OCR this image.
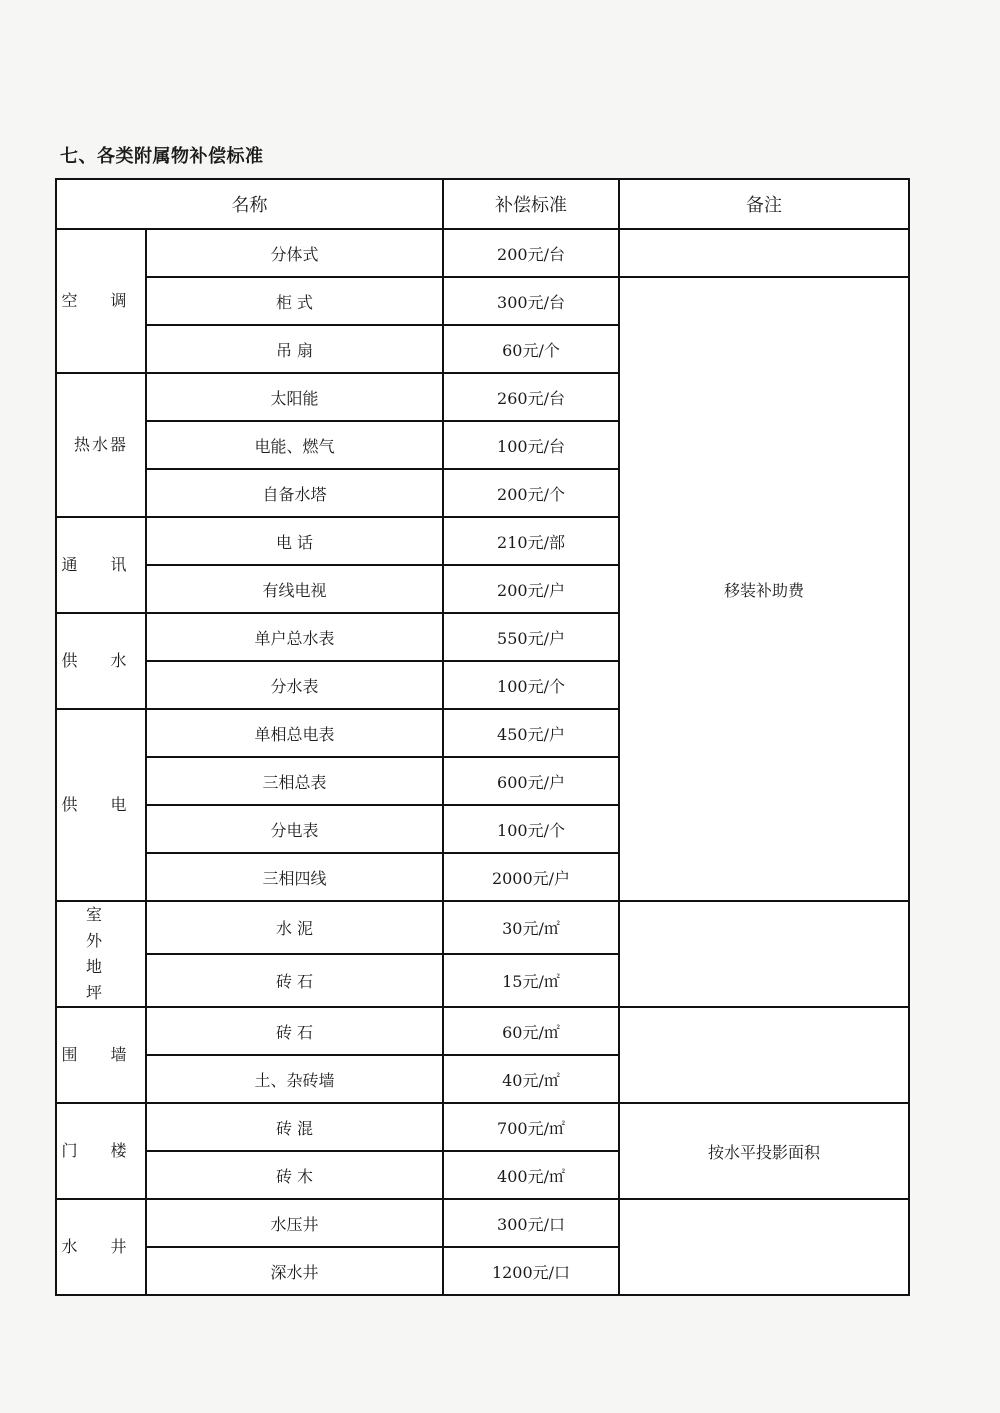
七、各类附属物补偿标准
名称		补偿标准	备注
空 调	分体式	200元/台	
	柜 式	300元/台	移装补助费
	吊 扇	60元/个	
热水器	太阳能	260元/台	
	电能、燃气	100元/台	
	自备水塔	200元/个	
通 讯	电 话	210元/部	
	有线电视	200元/户	
供 水	单户总水表	550元/户	
	分水表	100元/个	
供 电	单相总电表	450元/户	
	三相总表	600元/户	
	分电表	100元/个	
	三相四线	2000元/户	
室 外 地 坪	水 泥	30元/㎡	
	砖 石	15元/㎡	
围 墙	砖 石	60元/㎡	
	土、杂砖墙	40元/㎡	
门 楼	砖 混	700元/㎡	按水平投影面积
	砖 木	400元/㎡	
水 井	水压井	300元/口	
	深水井	1200元/口	
